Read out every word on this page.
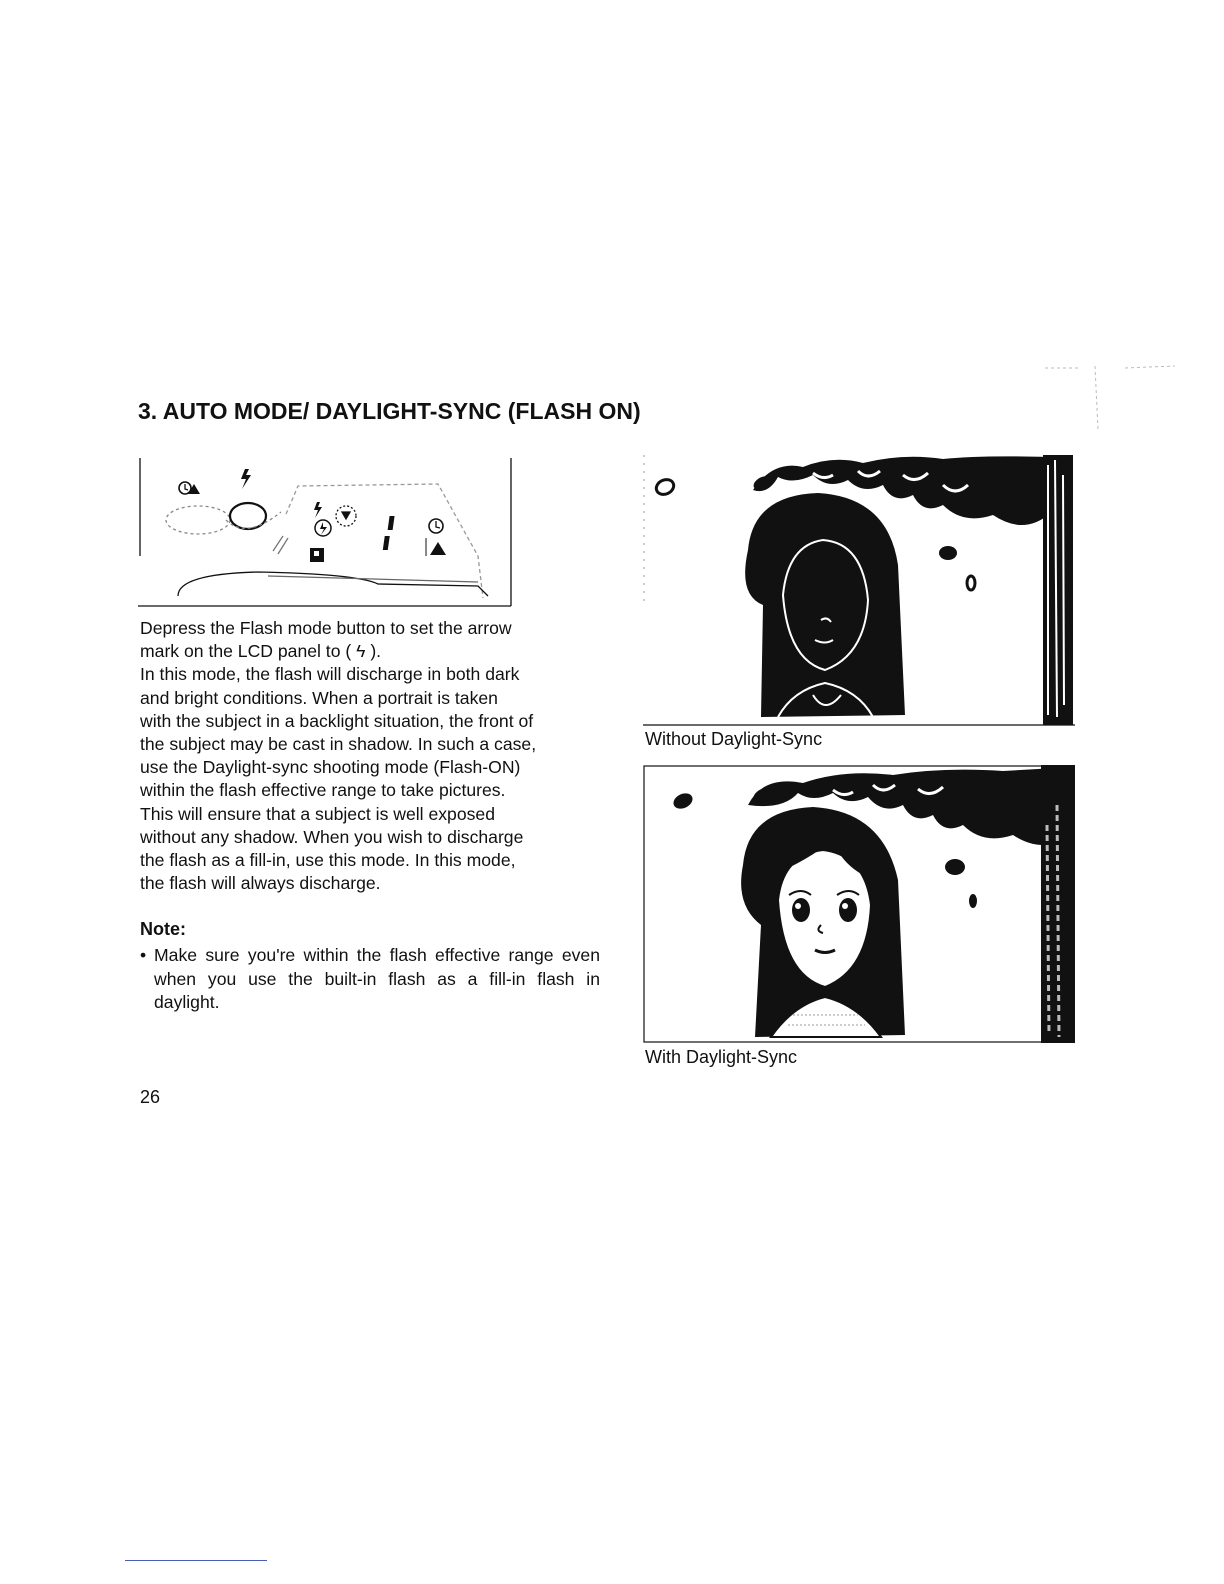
3. AUTO MODE/ DAYLIGHT-SYNC (FLASH ON)
Depress the Flash mode button to set the arrow
mark on the LCD panel to ( ϟ ).
In this mode, the flash will discharge in both dark
and bright conditions. When a portrait is taken
with the subject in a backlight situation, the front of
the subject may be cast in shadow. In such a case,
use the Daylight-sync shooting mode (Flash-ON)
within the flash effective range to take pictures.
This will ensure that a subject is well exposed
without any shadow. When you wish to discharge
the flash as a fill-in, use this mode. In this mode,
the flash will always discharge.
Note:
• Make sure you're within the flash effective range even when you use the built-in flash as a fill-in flash in daylight.
Without Daylight-Sync
With Daylight-Sync
26
